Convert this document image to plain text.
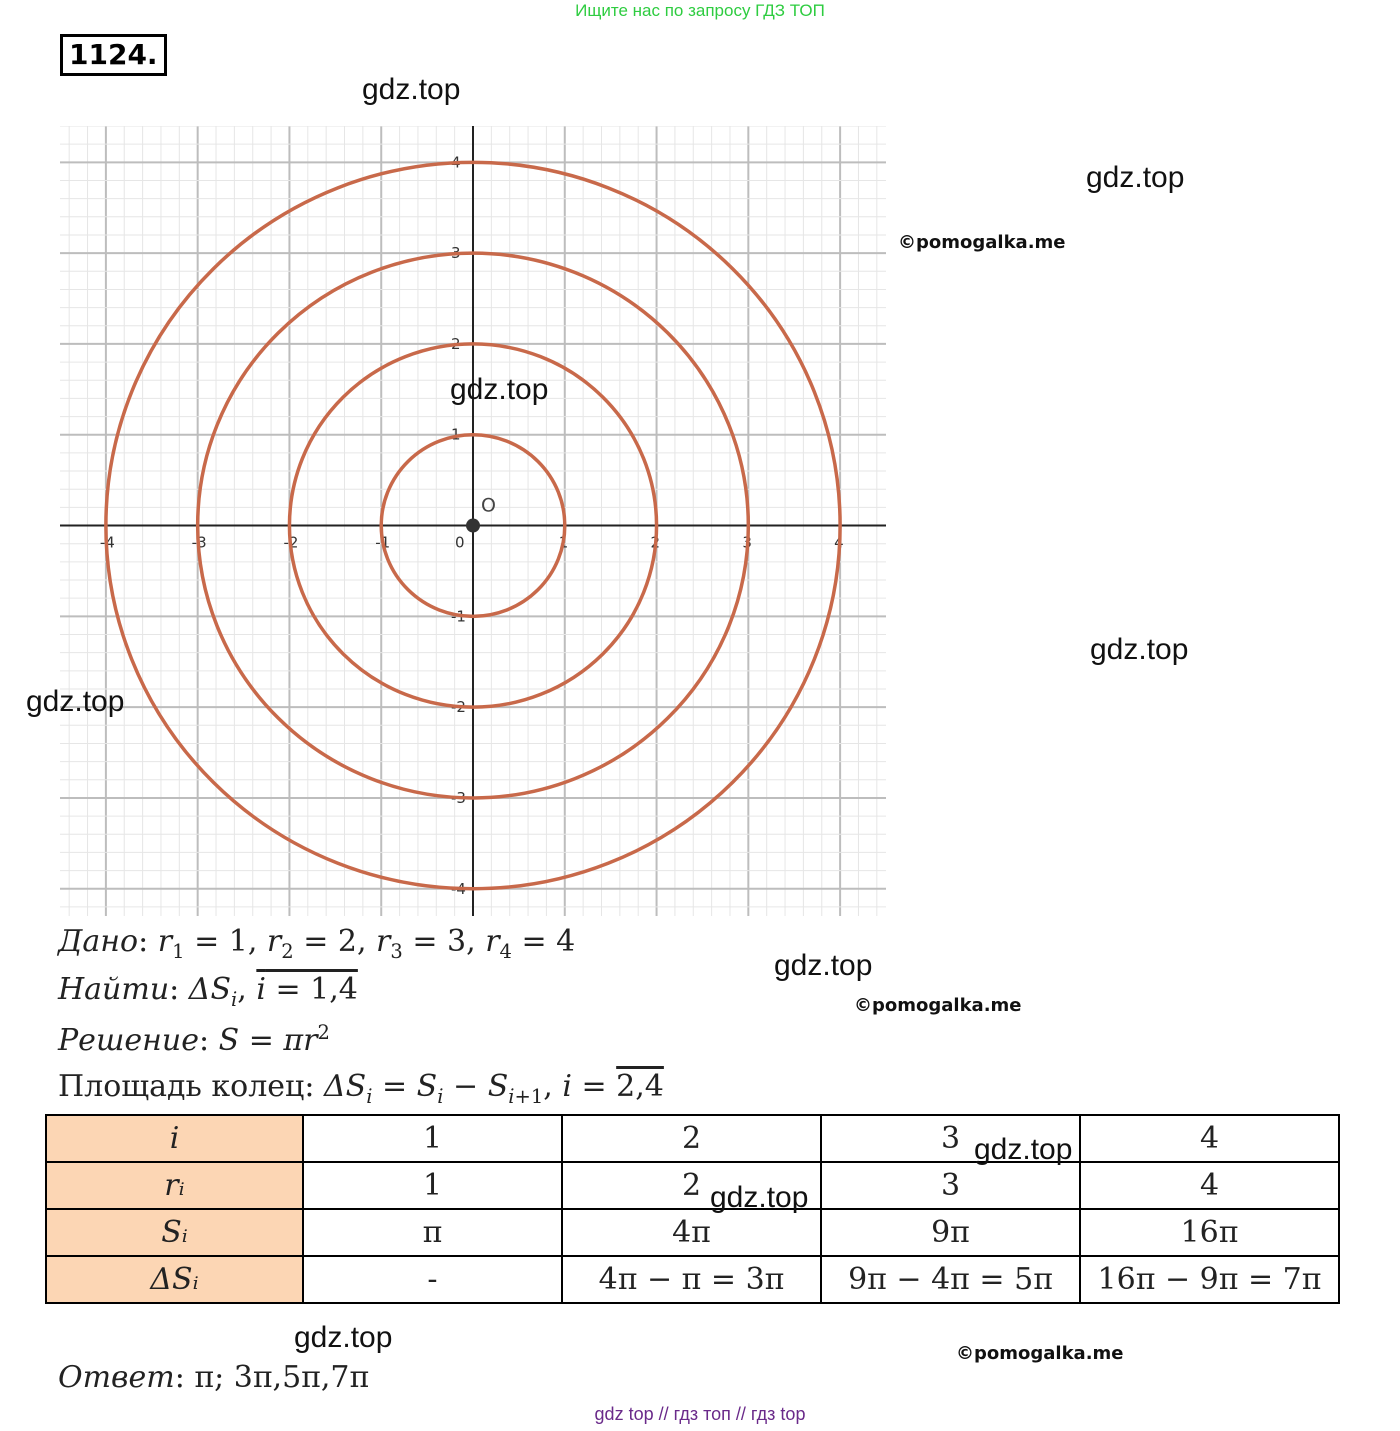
Ищите нас по запросу ГДЗ ТОП
1124.
-4	-3	-2	-1	0	1	2	3	4
4
3
2
1
-1
-2
-3
-4
O
gdz.top
gdz.top
gdz.top
gdz.top
gdz.top
gdz.top
©pomogalka.me
©pomogalka.me
©pomogalka.me
Дано: $r_1 = 1$, $r_2 = 2$, $r_3 = 3$, $r_4 = 4$
Найти: $\Delta S_i$, i = 1,4
Решение: $S = \pi r^2$
Площадь колец: $\Delta S_i = S_i - S_{i+1}$, i = 2,4
i	1	2	3	4
rᵢ	1	2	3	4
Sᵢ	π	4π	9π	16π
ΔSᵢ	-	4π − π = 3π	9π − 4π = 5π	16π − 9π = 7π
gdz.top
gdz.top
gdz.top
Ответ: π; 3π,5π,7π
gdz top // гдз топ // гдз top
